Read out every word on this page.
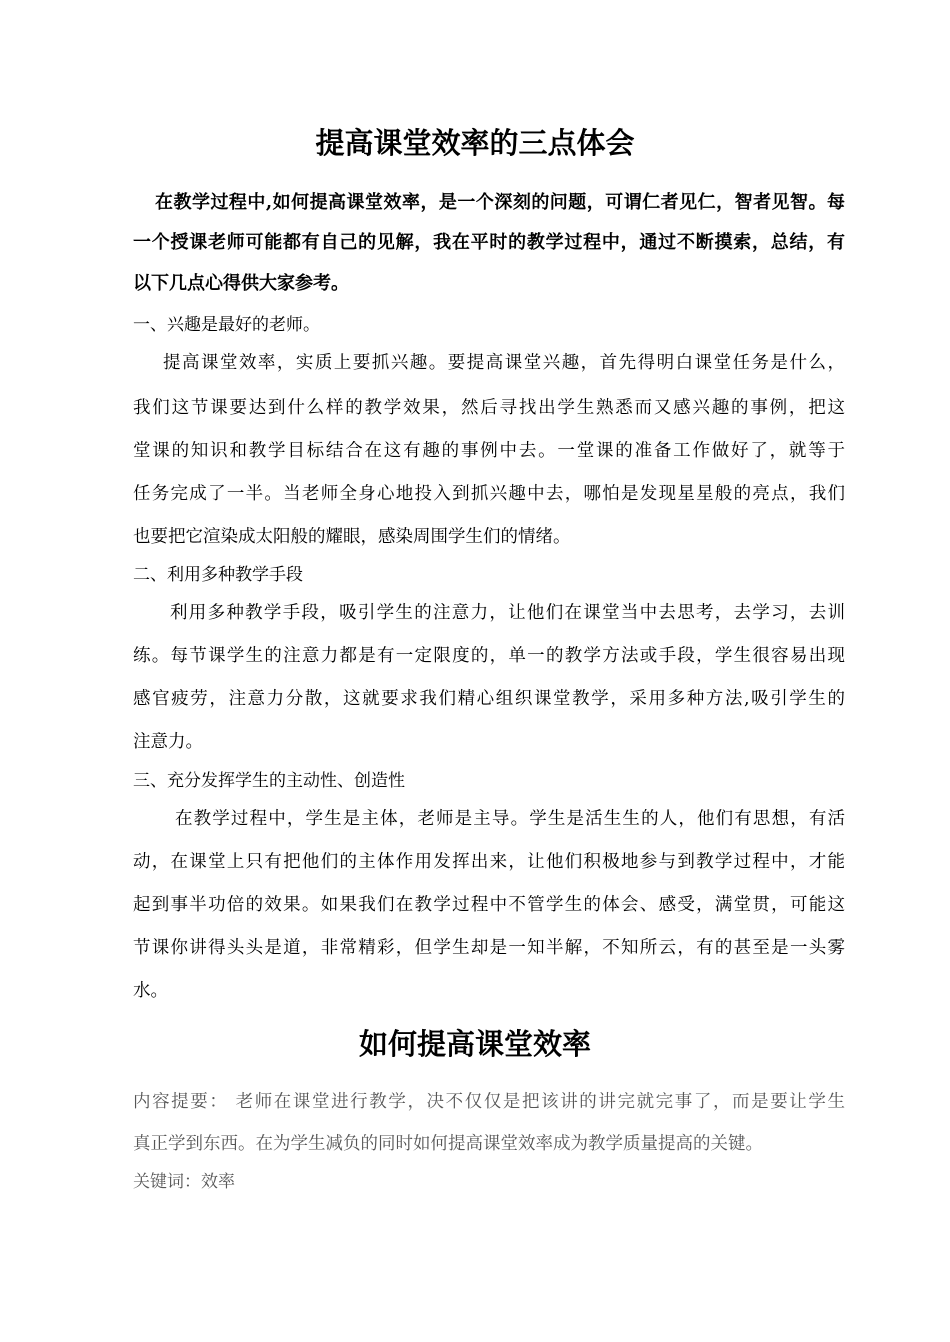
提高课堂效率的三点体会
在教学过程中,如何提高课堂效率，是一个深刻的问题，可谓仁者见仁，智者见智。每
一个授课老师可能都有自己的见解，我在平时的教学过程中，通过不断摸索，总结，有
以下几点心得供大家参考。
一、兴趣是最好的老师。
提高课堂效率，实质上要抓兴趣。要提高课堂兴趣，首先得明白课堂任务是什么，
我们这节课要达到什么样的教学效果，然后寻找出学生熟悉而又感兴趣的事例，把这
堂课的知识和教学目标结合在这有趣的事例中去。一堂课的准备工作做好了，就等于
任务完成了一半。当老师全身心地投入到抓兴趣中去，哪怕是发现星星般的亮点，我们
也要把它渲染成太阳般的耀眼，感染周围学生们的情绪。
二、利用多种教学手段
利用多种教学手段，吸引学生的注意力，让他们在课堂当中去思考，去学习，去训
练。每节课学生的注意力都是有一定限度的，单一的教学方法或手段，学生很容易出现
感官疲劳，注意力分散，这就要求我们精心组织课堂教学，采用多种方法,吸引学生的
注意力。
三、充分发挥学生的主动性、创造性
在教学过程中，学生是主体，老师是主导。学生是活生生的人，他们有思想，有活
动，在课堂上只有把他们的主体作用发挥出来，让他们积极地参与到教学过程中，才能
起到事半功倍的效果。如果我们在教学过程中不管学生的体会、感受，满堂贯，可能这
节课你讲得头头是道，非常精彩，但学生却是一知半解，不知所云，有的甚至是一头雾
水。
如何提高课堂效率
内容提要： 老师在课堂进行教学，决不仅仅是把该讲的讲完就完事了，而是要让学生
真正学到东西。在为学生减负的同时如何提高课堂效率成为教学质量提高的关键。
关键词：效率
